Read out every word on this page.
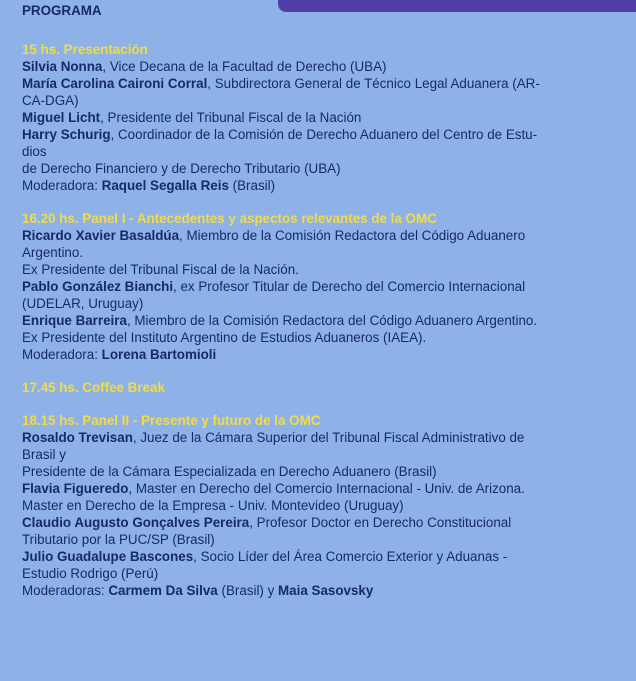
PROGRAMA
15 hs. Presentación
Silvia Nonna, Vice Decana de la Facultad de Derecho (UBA)
María Carolina Caironi Corral, Subdirectora General de Técnico Legal Aduanera (AR-
CA-DGA)
Miguel Licht, Presidente del Tribunal Fiscal de la Nación
Harry Schurig, Coordinador de la Comisión de Derecho Aduanero del Centro de Estu-
dios
de Derecho Financiero y de Derecho Tributario (UBA)
Moderadora: Raquel Segalla Reis (Brasil)
16.20 hs. Panel I - Antecedentes y aspectos relevantes de la OMC
Ricardo Xavier Basaldúa, Miembro de la Comisión Redactora del Código Aduanero
Argentino.
Ex Presidente del Tribunal Fiscal de la Nación.
Pablo González Bianchi, ex Profesor Titular de Derecho del Comercio Internacional
(UDELAR, Uruguay)
Enrique Barreira, Miembro de la Comisión Redactora del Código Aduanero Argentino.
Ex Presidente del Instituto Argentino de Estudios Aduaneros (IAEA).
Moderadora: Lorena Bartomioli
17.45 hs. Coffee Break
18.15 hs. Panel II - Presente y futuro de la OMC
Rosaldo Trevisan, Juez de la Cámara Superior del Tribunal Fiscal Administrativo de
Brasil y
Presidente de la Cámara Especializada en Derecho Aduanero (Brasil)
Flavia Figueredo, Master en Derecho del Comercio Internacional - Univ. de Arizona.
Master en Derecho de la Empresa - Univ. Montevideo (Uruguay)
Claudio Augusto Gonçalves Pereira, Profesor Doctor en Derecho Constitucional
Tributario por la PUC/SP (Brasil)
Julio Guadalupe Bascones, Socio Líder del Área Comercio Exterior y Aduanas -
Estudio Rodrigo (Perú)
Moderadoras: Carmem Da Silva (Brasil) y Maia Sasovsky
